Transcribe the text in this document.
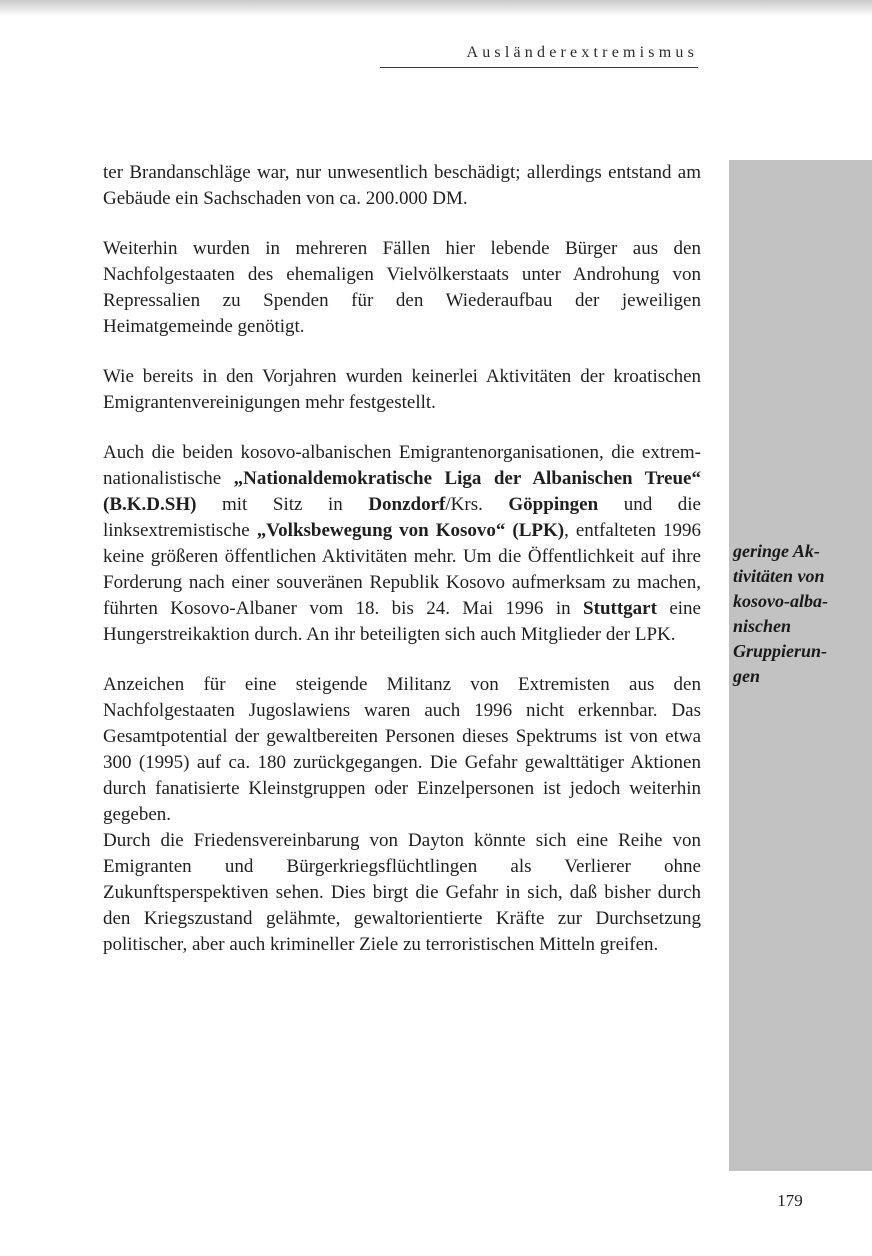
Ausländerextremismus

ter Brandanschläge war, nur unwesentlich beschädigt; allerdings entstand am Gebäude ein Sachschaden von ca. 200.000 DM.

Weiterhin wurden in mehreren Fällen hier lebende Bürger aus den Nachfolgestaaten des ehemaligen Vielvölkerstaats unter Androhung von Repressalien zu Spenden für den Wiederaufbau der jeweiligen Heimatgemeinde genötigt.

Wie bereits in den Vorjahren wurden keinerlei Aktivitäten der kroatischen Emigrantenvereinigungen mehr festgestellt.

Auch die beiden kosovo-albanischen Emigrantenorganisationen, die extrem-nationalistische „Nationaldemokratische Liga der Albanischen Treue“ (B.K.D.SH) mit Sitz in Donzdorf/Krs. Göppingen und die linksextremistische „Volksbewegung von Kosovo“ (LPK), entfalteten 1996 keine größeren öffentlichen Aktivitäten mehr. Um die Öffentlichkeit auf ihre Forderung nach einer souveränen Republik Kosovo aufmerksam zu machen, führten Kosovo-Albaner vom 18. bis 24. Mai 1996 in Stuttgart eine Hungerstreikaktion durch. An ihr beteiligten sich auch Mitglieder der LPK.

Anzeichen für eine steigende Militanz von Extremisten aus den Nachfolgestaaten Jugoslawiens waren auch 1996 nicht erkennbar. Das Gesamtpotential der gewaltbereiten Personen dieses Spektrums ist von etwa 300 (1995) auf ca. 180 zurückgegangen. Die Gefahr gewalttätiger Aktionen durch fanatisierte Kleinstgruppen oder Einzelpersonen ist jedoch weiterhin gegeben.

Durch die Friedensvereinbarung von Dayton könnte sich eine Reihe von Emigranten und Bürgerkriegsflüchtlingen als Verlierer ohne Zukunftsperspektiven sehen. Dies birgt die Gefahr in sich, daß bisher durch den Kriegszustand gelähmte, gewaltorientierte Kräfte zur Durchsetzung politischer, aber auch krimineller Ziele zu terroristischen Mitteln greifen.

geringe Ak-
tivitäten von
kosovo-alba-
nischen
Gruppierun-
gen
179
